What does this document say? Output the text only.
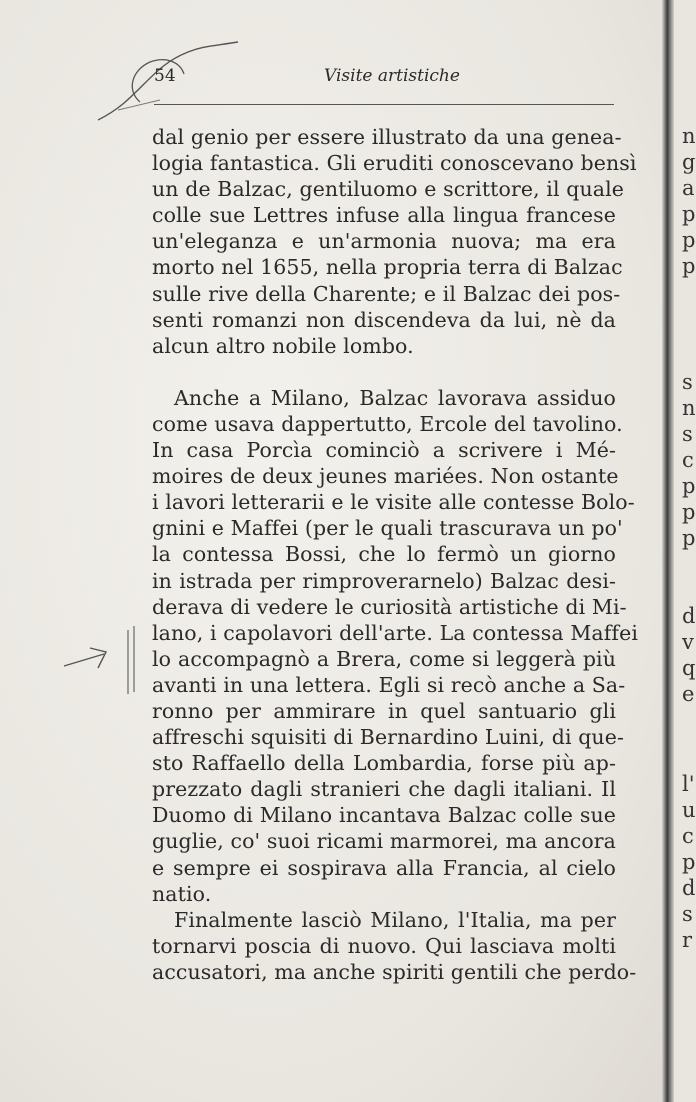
n
g
a
p
p
p
s
n
s
c
p
p
p
d
v
q
e
l'
u
c
p
d
s
r
54	Visite artistiche
dal genio per essere illustrato da una genea-
logia fantastica. Gli eruditi conoscevano bensì
un de Balzac, gentiluomo e scrittore, il quale
colle sue Lettres infuse alla lingua francese
un'eleganza e un'armonia nuova; ma era
morto nel 1655, nella propria terra di Balzac
sulle rive della Charente; e il Balzac dei pos-
senti romanzi non discendeva da lui, nè da
alcun altro nobile lombo.
Anche a Milano, Balzac lavorava assiduo
come usava dappertutto, Ercole del tavolino.
In casa Porcìa cominciò a scrivere i Mé-
moires de deux jeunes mariées. Non ostante
i lavori letterarii e le visite alle contesse Bolo-
gnini e Maffei (per le quali trascurava un po'
la contessa Bossi, che lo fermò un giorno
in istrada per rimproverarnelo) Balzac desi-
derava di vedere le curiosità artistiche di Mi-
lano, i capolavori dell'arte. La contessa Maffei
lo accompagnò a Brera, come si leggerà più
avanti in una lettera. Egli si recò anche a Sa-
ronno per ammirare in quel santuario gli
affreschi squisiti di Bernardino Luini, di que-
sto Raffaello della Lombardia, forse più ap-
prezzato dagli stranieri che dagli italiani. Il
Duomo di Milano incantava Balzac colle sue
guglie, co' suoi ricami marmorei, ma ancora
e sempre ei sospirava alla Francia, al cielo
natio.
Finalmente lasciò Milano, l'Italia, ma per
tornarvi poscia di nuovo. Qui lasciava molti
accusatori, ma anche spiriti gentili che perdo-
